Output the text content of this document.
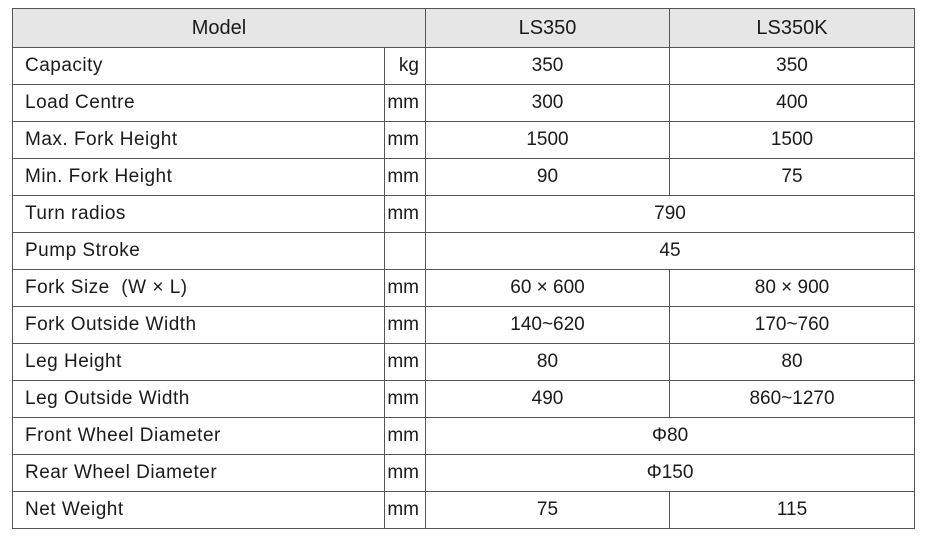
Model		LS350	LS350K
Capacity	kg	350	350
Load Centre	mm	300	400
Max. Fork Height	mm	1500	1500
Min. Fork Height	mm	90	75
Turn radios	mm	790	
Pump Stroke		45	
Fork Size  (W × L)	mm	60 × 600	80 × 900
Fork Outside Width	mm	140~620	170~760
Leg Height	mm	80	80
Leg Outside Width	mm	490	860~1270
Front Wheel Diameter	mm	Φ80	
Rear Wheel Diameter	mm	Φ150	
Net Weight	mm	75	115
